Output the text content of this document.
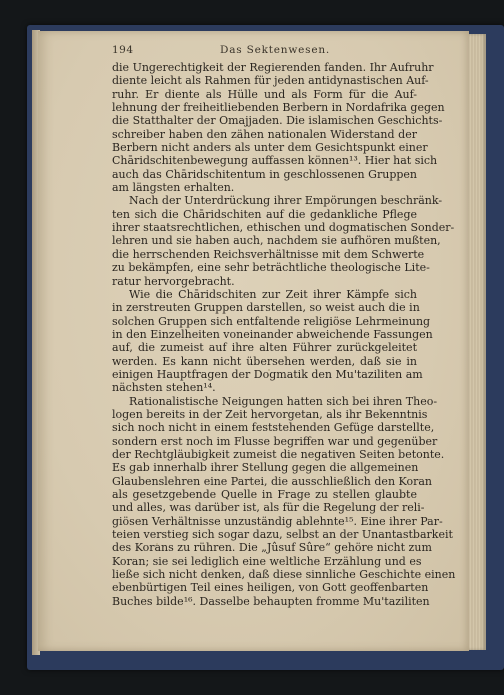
194	Das Sektenwesen.
die Ungerechtigkeit der Regierenden fanden. Ihr Aufruhr
diente leicht als Rahmen für jeden antidynastischen Auf-
ruhr. Er diente als Hülle und als Form für die Auf-
lehnung der freiheitliebenden Berbern in Nordafrika gegen
die Statthalter der Omajjaden. Die islamischen Geschichts-
schreiber haben den zähen nationalen Widerstand der
Berbern nicht anders als unter dem Gesichtspunkt einer
Chāridschitenbewegung auffassen können¹³. Hier hat sich
auch das Chāridschitentum in geschlossenen Gruppen
am längsten erhalten.
Nach der Unterdrückung ihrer Empörungen beschränk-
ten sich die Chāridschiten auf die gedankliche Pflege
ihrer staatsrechtlichen, ethischen und dogmatischen Sonder-
lehren und sie haben auch, nachdem sie aufhören mußten,
die herrschenden Reichsverhältnisse mit dem Schwerte
zu bekämpfen, eine sehr beträchtliche theologische Lite-
ratur hervorgebracht.
Wie die Chāridschiten zur Zeit ihrer Kämpfe sich
in zerstreuten Gruppen darstellen, so weist auch die in
solchen Gruppen sich entfaltende religiöse Lehrmeinung
in den Einzelheiten voneinander abweichende Fassungen
auf, die zumeist auf ihre alten Führer zurückgeleitet
werden. Es kann nicht übersehen werden, daß sie in
einigen Hauptfragen der Dogmatik den Mu'taziliten am
nächsten stehen¹⁴.
Rationalistische Neigungen hatten sich bei ihren Theo-
logen bereits in der Zeit hervorgetan, als ihr Bekenntnis
sich noch nicht in einem feststehenden Gefüge darstellte,
sondern erst noch im Flusse begriffen war und gegenüber
der Rechtgläubigkeit zumeist die negativen Seiten betonte.
Es gab innerhalb ihrer Stellung gegen die allgemeinen
Glaubenslehren eine Partei, die ausschließlich den Koran
als gesetzgebende Quelle in Frage zu stellen glaubte
und alles, was darüber ist, als für die Regelung der reli-
giösen Verhältnisse unzuständig ablehnte¹⁵. Eine ihrer Par-
teien verstieg sich sogar dazu, selbst an der Unantastbarkeit
des Korans zu rühren. Die „Jûsuf Sûre“ gehöre nicht zum
Koran; sie sei lediglich eine weltliche Erzählung und es
ließe sich nicht denken, daß diese sinnliche Geschichte einen
ebenbürtigen Teil eines heiligen, von Gott geoffenbarten
Buches bilde¹⁶. Dasselbe behaupten fromme Mu'taziliten
